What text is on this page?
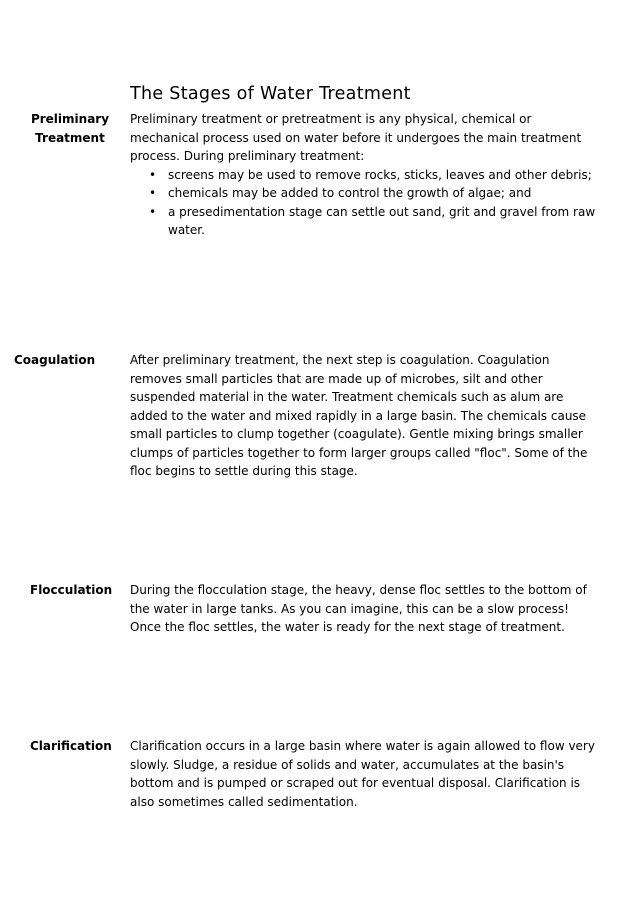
The Stages of Water Treatment
Preliminary
Treatment

Preliminary treatment or pretreatment is any physical, chemical or mechanical process used on water before it undergoes the main treatment process. During preliminary treatment:

• screens may be used to remove rocks, sticks, leaves and other debris;
• chemicals may be added to control the growth of algae; and
• a presedimentation stage can settle out sand, grit and gravel from raw water.
Coagulation	After preliminary treatment, the next step is coagulation. Coagulation removes small particles that are made up of microbes, silt and other suspended material in the water. Treatment chemicals such as alum are added to the water and mixed rapidly in a large basin. The chemicals cause small particles to clump together (coagulate). Gentle mixing brings smaller clumps of particles together to form larger groups called "floc". Some of the floc begins to settle during this stage.

Flocculation During the flocculation stage, the heavy, dense floc settles to the bottom of the water in large tanks. As you can imagine, this can be a slow process! Once the floc settles, the water is ready for the next stage of treatment.

Clarification Clarification occurs in a large basin where water is again allowed to flow very slowly. Sludge, a residue of solids and water, accumulates at the basin's bottom and is pumped or scraped out for eventual disposal. Clarification is also sometimes called sedimentation.
